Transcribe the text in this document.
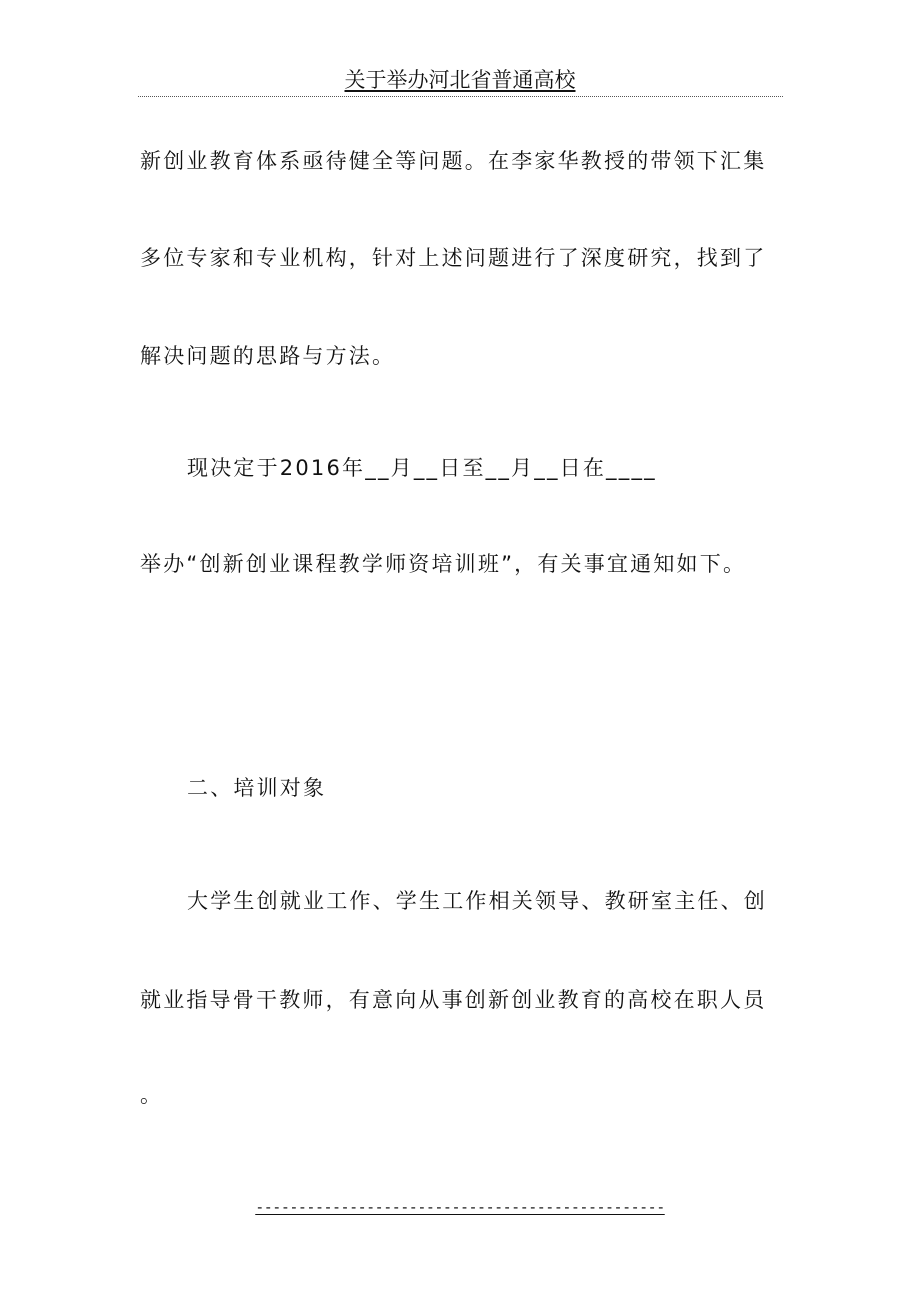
关于举办河北省普通高校
新创业教育体系亟待健全等问题。在李家华教授的带领下汇集
多位专家和专业机构，针对上述问题进行了深度研究，找到了
解决问题的思路与方法。
现决定于2016年__月__日至__月__日在____
举办“创新创业课程教学师资培训班”，有关事宜通知如下。
二、培训对象
大学生创就业工作、学生工作相关领导、教研室主任、创
就业指导骨干教师，有意向从事创新创业教育的高校在职人员
。
------------------------------------------------
